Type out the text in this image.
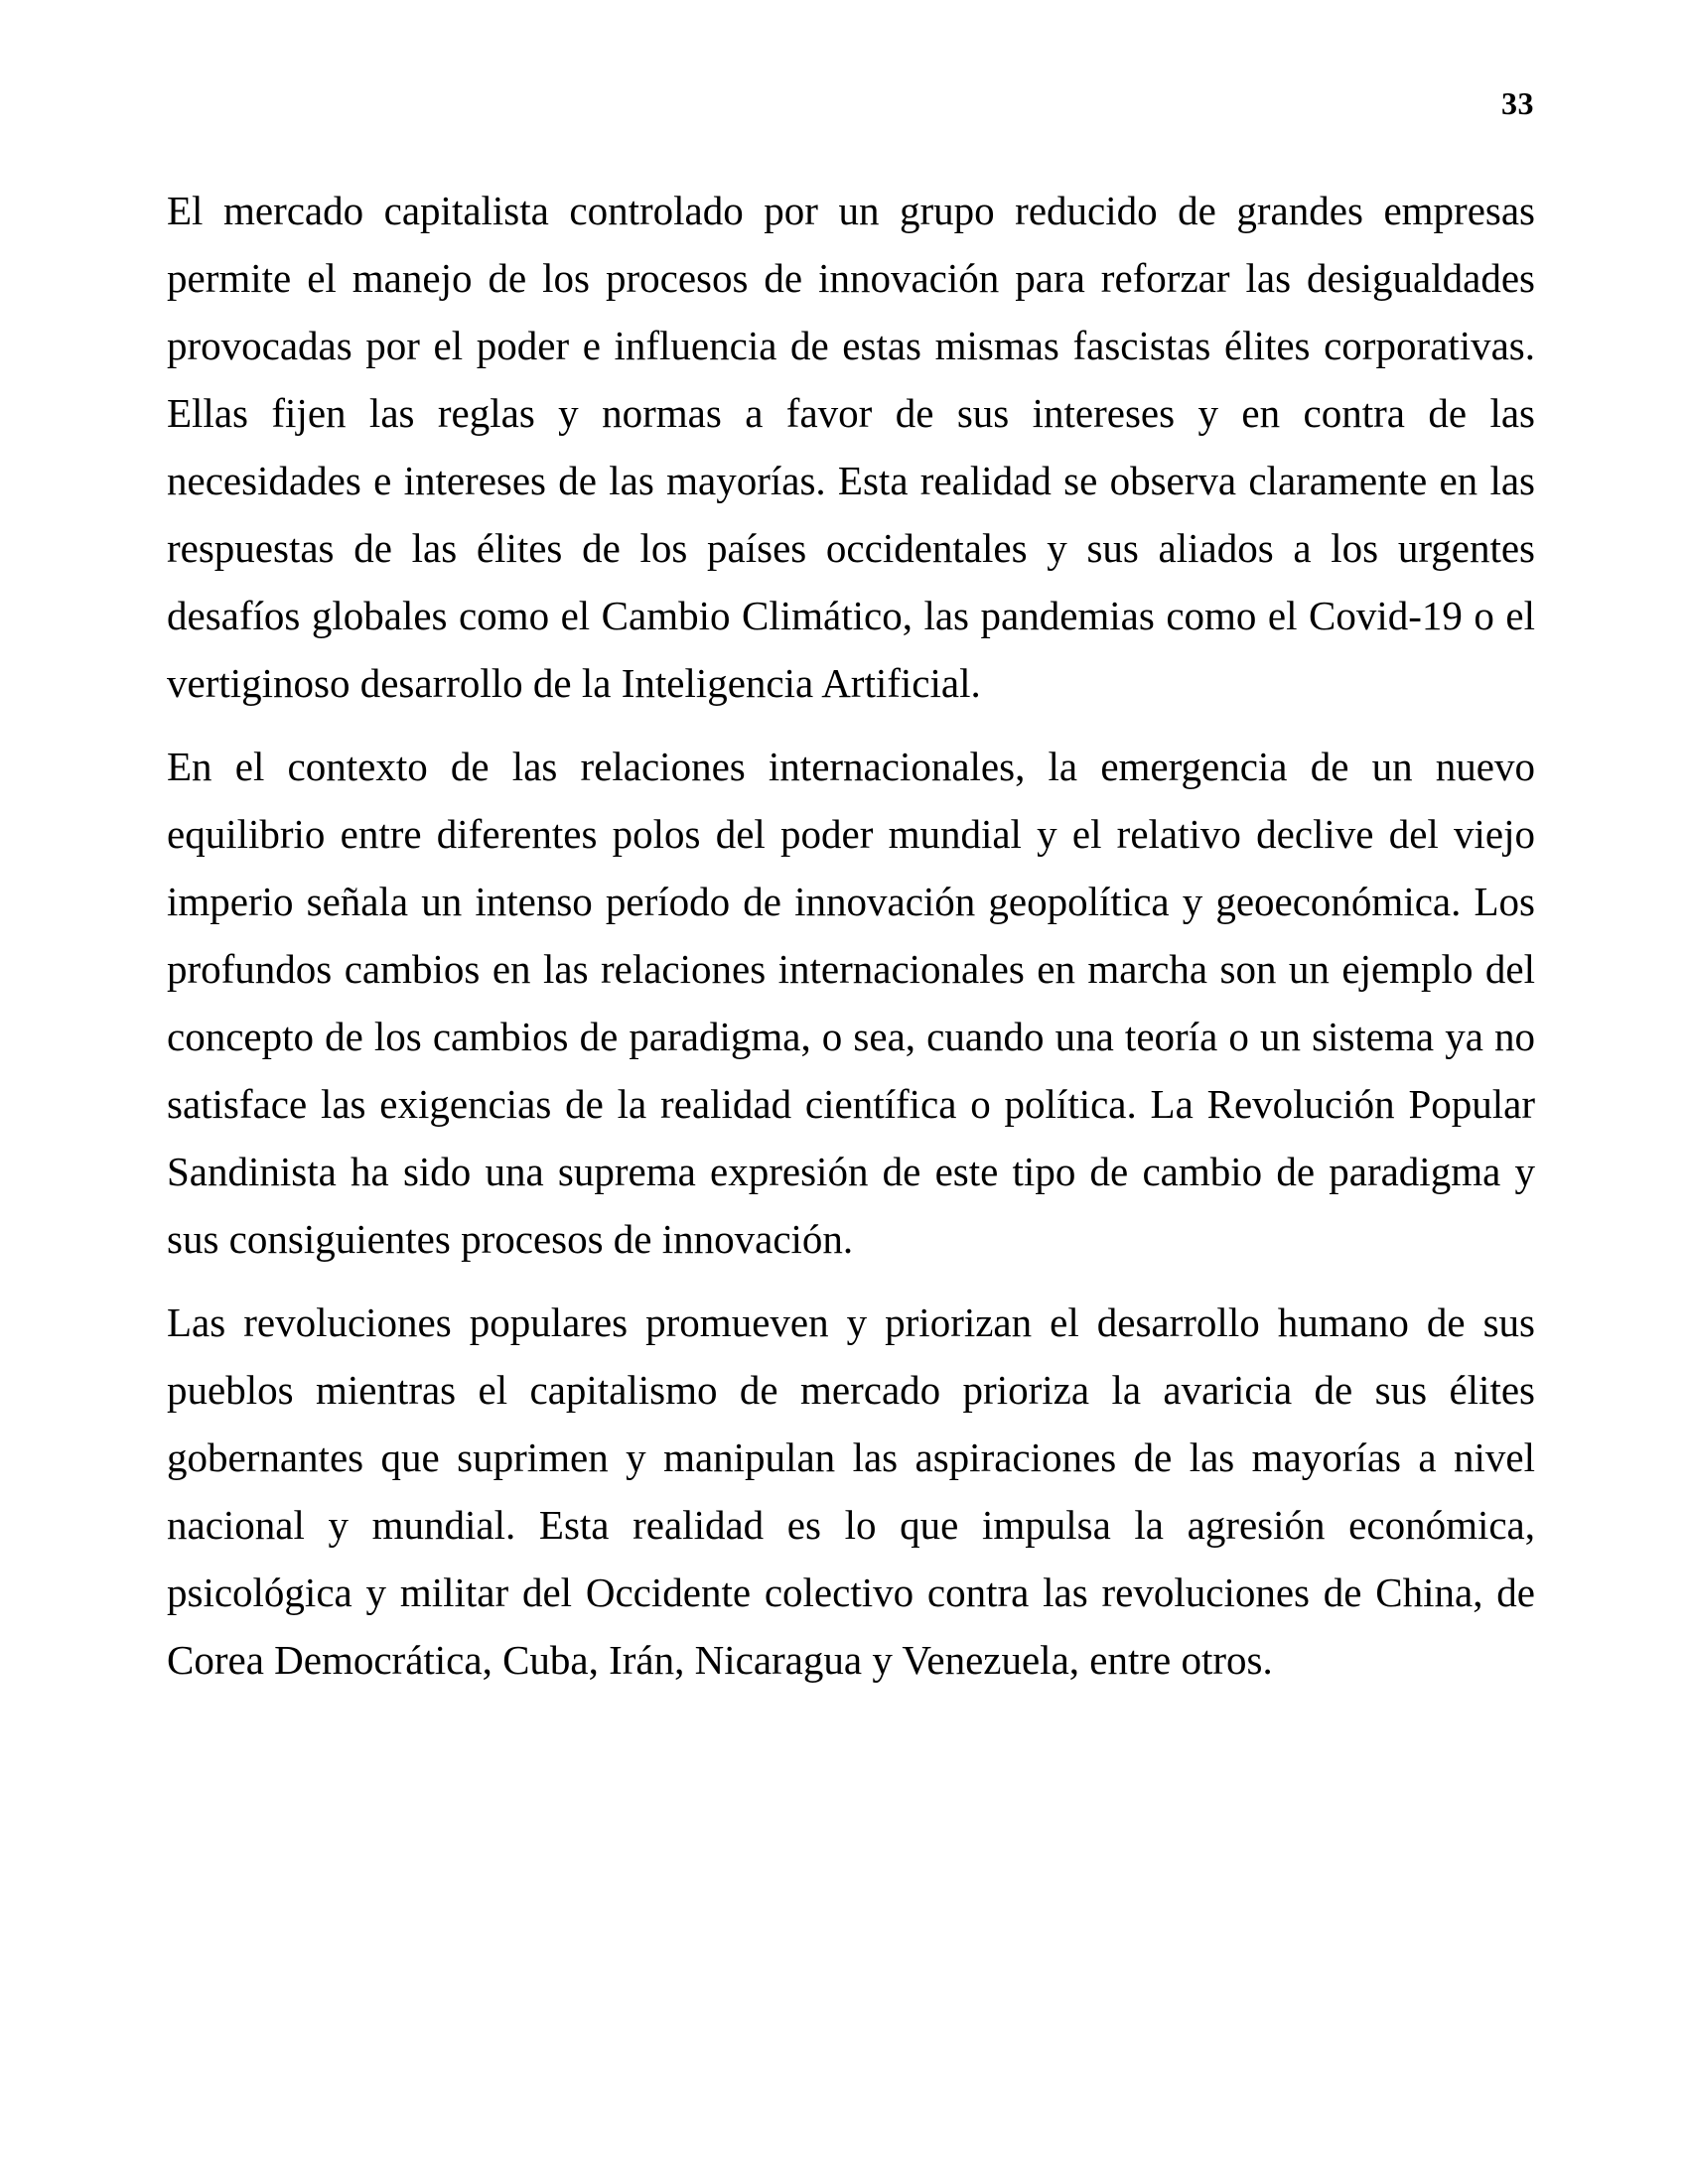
33

El mercado capitalista controlado por un grupo reducido de grandes empresas permite el manejo de los procesos de innovación para reforzar las desigualdades provocadas por el poder e influencia de estas mismas fascistas élites corporativas. Ellas fijen las reglas y normas a favor de sus intereses y en contra de las necesidades e intereses de las mayorías. Esta realidad se observa claramente en las respuestas de las élites de los países occidentales y sus aliados a los urgentes desafíos globales como el Cambio Climático, las pandemias como el Covid-19 o el vertiginoso desarrollo de la Inteligencia Artificial.

En el contexto de las relaciones internacionales, la emergencia de un nuevo equilibrio entre diferentes polos del poder mundial y el relativo declive del viejo imperio señala un intenso período de innovación geopolítica y geoeconómica. Los profundos cambios en las relaciones internacionales en marcha son un ejemplo del concepto de los cambios de paradigma, o sea, cuando una teoría o un sistema ya no satisface las exigencias de la realidad científica o política. La Revolución Popular Sandinista ha sido una suprema expresión de este tipo de cambio de paradigma y sus consiguientes procesos de innovación.

Las revoluciones populares promueven y priorizan el desarrollo humano de sus pueblos mientras el capitalismo de mercado prioriza la avaricia de sus élites gobernantes que suprimen y manipulan las aspiraciones de las mayorías a nivel nacional y mundial. Esta realidad es lo que impulsa la agresión económica, psicológica y militar del Occidente colectivo contra las revoluciones de China, de Corea Democrática, Cuba, Irán, Nicaragua y Venezuela, entre otros.
